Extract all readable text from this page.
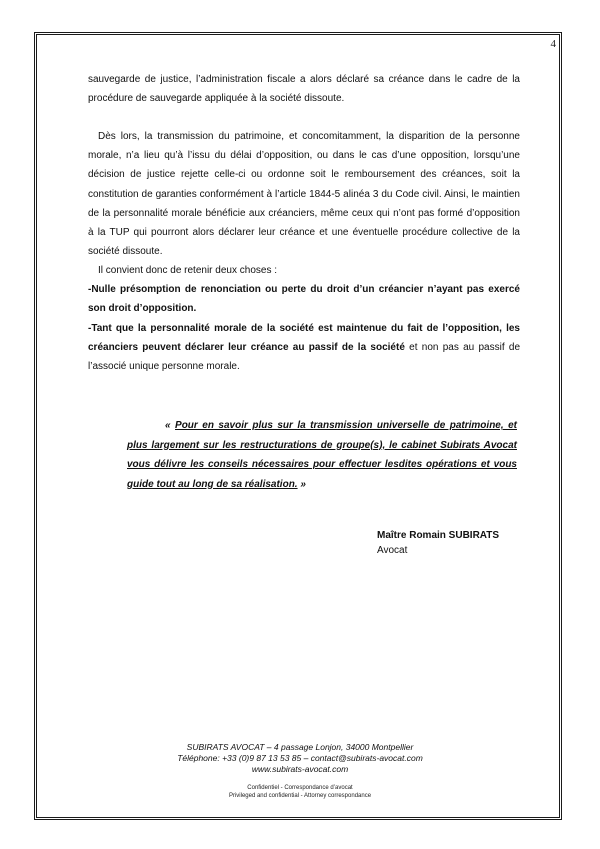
4

sauvegarde de justice, l’administration fiscale a alors déclaré sa créance dans le cadre de la procédure de sauvegarde appliquée à la société dissoute.

Dès lors, la transmission du patrimoine, et concomitamment, la disparition de la personne morale, n’a lieu qu’à l’issu du délai d’opposition, ou dans le cas d’une opposition, lorsqu’une décision de justice rejette celle-ci ou ordonne soit le remboursement des créances, soit la constitution de garanties conformément à l’article 1844-5 alinéa 3 du Code civil. Ainsi, le maintien de la personnalité morale bénéficie aux créanciers, même ceux qui n’ont pas formé d’opposition à la TUP qui pourront alors déclarer leur créance et une éventuelle procédure collective de la société dissoute.

Il convient donc de retenir deux choses :

-Nulle présomption de renonciation ou perte du droit d’un créancier n’ayant pas exercé son droit d’opposition.

-Tant que la personnalité morale de la société est maintenue du fait de l’opposition, les créanciers peuvent déclarer leur créance au passif de la société et non pas au passif de l’associé unique personne morale.

« Pour en savoir plus sur la transmission universelle de patrimoine, et plus largement sur les restructurations de groupe(s), le cabinet Subirats Avocat vous délivre les conseils nécessaires pour effectuer lesdites opérations et vous guide tout au long de sa réalisation. »

Maître Romain SUBIRATS
Avocat
SUBIRATS AVOCAT – 4 passage Lonjon, 34000 Montpellier
Téléphone: +33 (0)9 87 13 53 85 – contact@subirats-avocat.com
www.subirats-avocat.com
Confidentiel - Correspondance d’avocat
Privileged and confidential - Attorney correspondance
